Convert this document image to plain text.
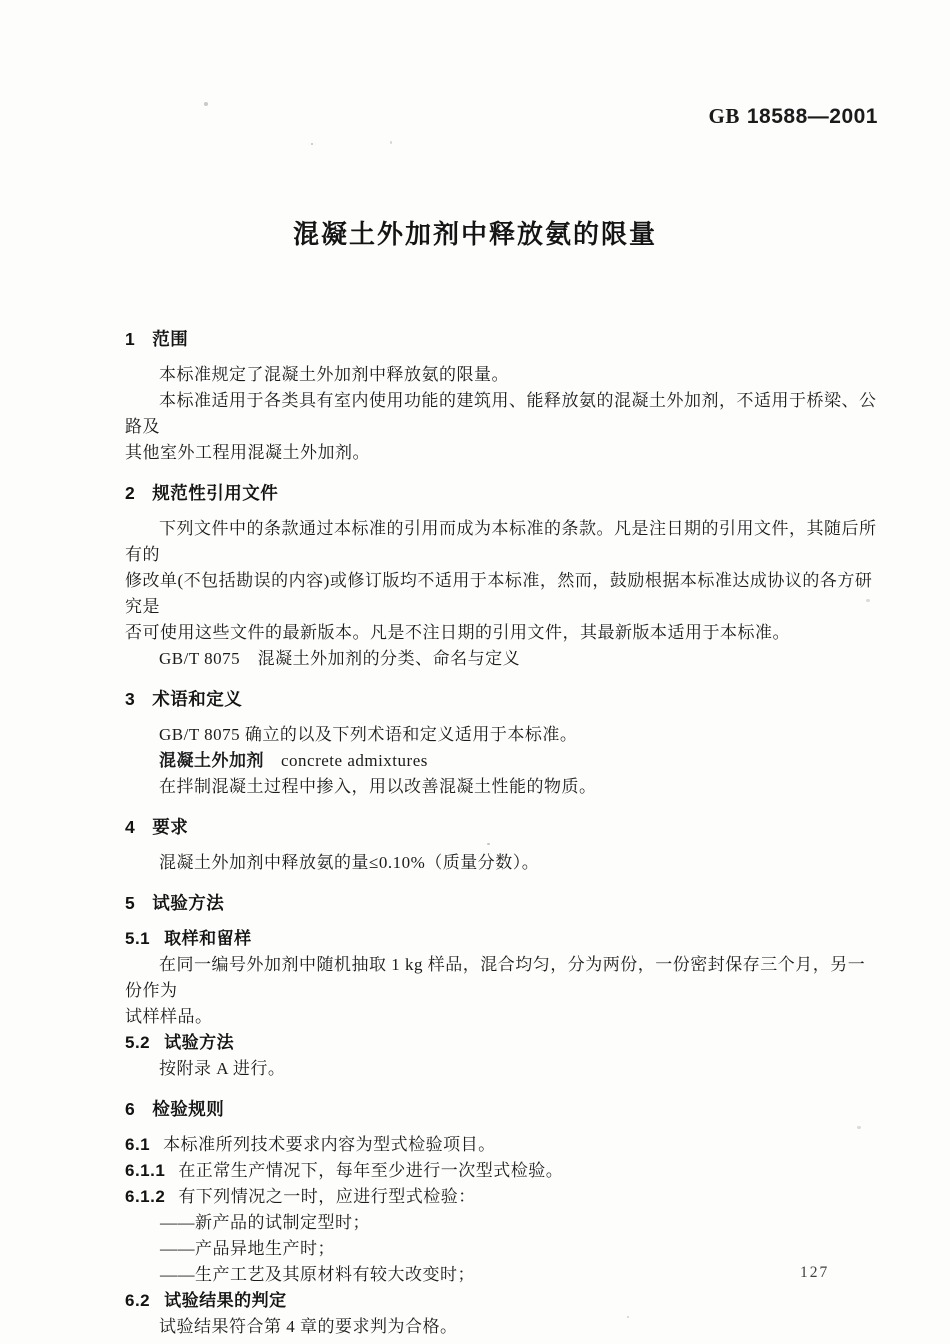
GB 18588—2001
混凝土外加剂中释放氨的限量
1 范围
本标准规定了混凝土外加剂中释放氨的限量。
本标准适用于各类具有室内使用功能的建筑用、能释放氨的混凝土外加剂，不适用于桥梁、公路及
其他室外工程用混凝土外加剂。
2 规范性引用文件
下列文件中的条款通过本标准的引用而成为本标准的条款。凡是注日期的引用文件，其随后所有的
修改单(不包括勘误的内容)或修订版均不适用于本标准，然而，鼓励根据本标准达成协议的各方研究是
否可使用这些文件的最新版本。凡是不注日期的引用文件，其最新版本适用于本标准。
GB/T 8075　混凝土外加剂的分类、命名与定义
3 术语和定义
GB/T 8075 确立的以及下列术语和定义适用于本标准。
混凝土外加剂 concrete admixtures
在拌制混凝土过程中掺入，用以改善混凝土性能的物质。
4 要求
混凝土外加剂中释放氨的量≤0.10%（质量分数）。
5 试验方法
5.1 取样和留样
在同一编号外加剂中随机抽取 1 kg 样品，混合均匀，分为两份，一份密封保存三个月，另一份作为
试样样品。
5.2 试验方法
按附录 A 进行。
6 检验规则
6.1 本标准所列技术要求内容为型式检验项目。
6.1.1 在正常生产情况下，每年至少进行一次型式检验。
6.1.2 有下列情况之一时，应进行型式检验：
——新产品的试制定型时；
——产品异地生产时；
——生产工艺及其原材料有较大改变时；
6.2 试验结果的判定
试验结果符合第 4 章的要求判为合格。
127
